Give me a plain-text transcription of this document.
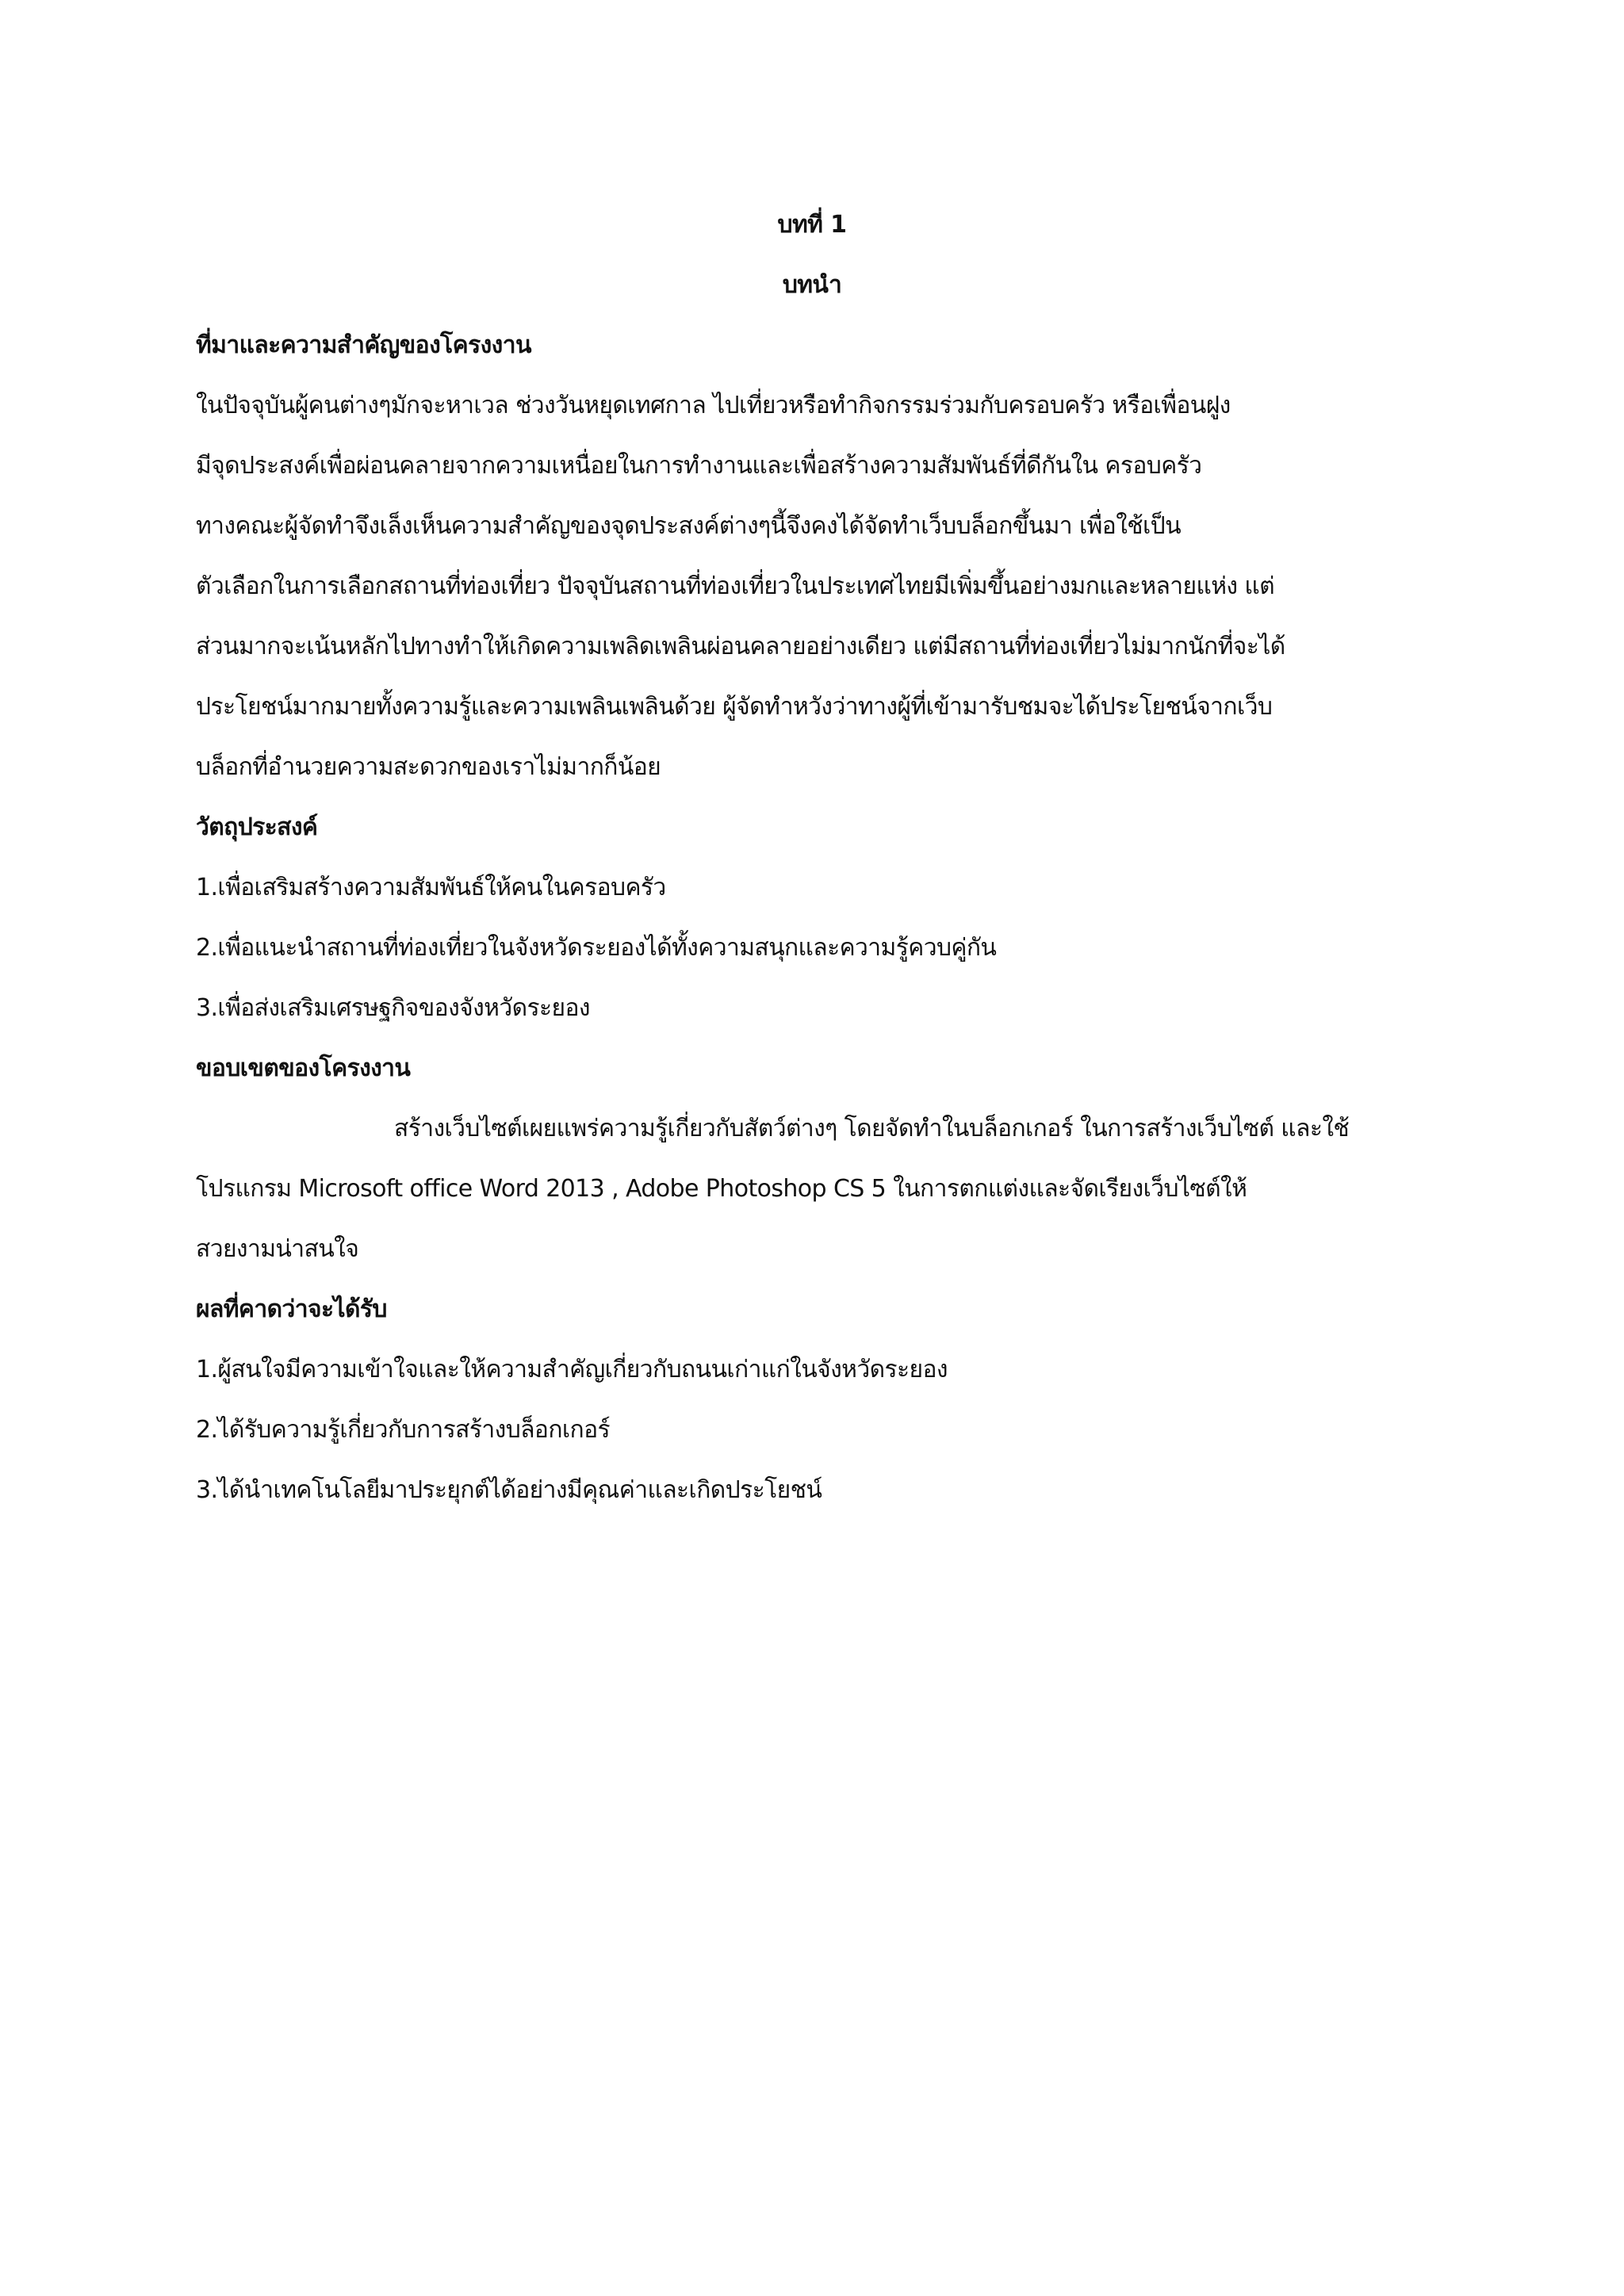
บทที่ 1
บทนำ
ที่มาและความสำคัญของโครงงาน
ในปัจจุบันผู้คนต่างๆมักจะหาเวล ช่วงวันหยุดเทศกาล ไปเที่ยวหรือทำกิจกรรมร่วมกับครอบครัว หรือเพื่อนฝูง
มีจุดประสงค์เพื่อผ่อนคลายจากความเหนื่อยในการทำงานและเพื่อสร้างความสัมพันธ์ที่ดีกันใน ครอบครัว
ทางคณะผู้จัดทำจึงเล็งเห็นความสำคัญของจุดประสงค์ต่างๆนี้จึงคงได้จัดทำเว็บบล็อกขึ้นมา เพื่อใช้เป็น
ตัวเลือกในการเลือกสถานที่ท่องเที่ยว ปัจจุบันสถานที่ท่องเที่ยวในประเทศไทยมีเพิ่มขึ้นอย่างมกและหลายแห่ง แต่
ส่วนมากจะเน้นหลักไปทางทำให้เกิดความเพลิดเพลินผ่อนคลายอย่างเดียว แต่มีสถานที่ท่องเที่ยวไม่มากนักที่จะได้
ประโยชน์มากมายทั้งความรู้และความเพลินเพลินด้วย ผู้จัดทำหวังว่าทางผู้ที่เข้ามารับชมจะได้ประโยชน์จากเว็บ
บล็อกที่อำนวยความสะดวกของเราไม่มากก็น้อย
วัตถุประสงค์
1.เพื่อเสริมสร้างความสัมพันธ์ให้คนในครอบครัว
2.เพื่อแนะนำสถานที่ท่องเที่ยวในจังหวัดระยองได้ทั้งความสนุกและความรู้ควบคู่กัน
3.เพื่อส่งเสริมเศรษฐกิจของจังหวัดระยอง
ขอบเขตของโครงงาน
สร้างเว็บไซต์เผยแพร่ความรู้เกี่ยวกับสัตว์ต่างๆ โดยจัดทำในบล็อกเกอร์ ในการสร้างเว็บไซต์ และใช้
โปรแกรม Microsoft office Word 2013 , Adobe Photoshop CS 5 ในการตกแต่งและจัดเรียงเว็บไซต์ให้
สวยงามน่าสนใจ
ผลที่คาดว่าจะได้รับ
1.ผู้สนใจมีความเข้าใจและให้ความสำคัญเกี่ยวกับถนนเก่าแก่ในจังหวัดระยอง
2.ได้รับความรู้เกี่ยวกับการสร้างบล็อกเกอร์
3.ได้นำเทคโนโลยีมาประยุกต์ได้อย่างมีคุณค่าและเกิดประโยชน์
